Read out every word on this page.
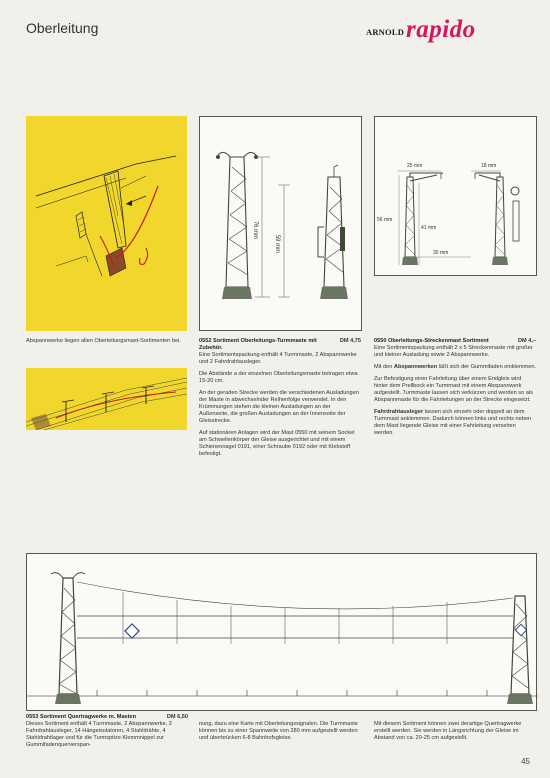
Oberleitung	ARNOLD rapido
Abspannwerke liegen allen Oberleitungsmast-Sortimenten bei.
76 mm
59 mm
25 mm	18 mm
56 mm
41 mm
30 mm

DM 4,75
0552 Sortiment Oberleitungs-Turmmaste mit Zubehör.
Eine Sortimentspackung enthält 4 Turmmaste, 2 Abspannwerke und 2 Fahrdrahtausleger.

Die Abstände a der einzelnen Oberleitungsmaste betragen etwa 15-20 cm.

An der geraden Strecke werden die verschiedenen Ausladungen der Maste in abwechselnder Reihenfolge verwendet. In den Krümmungen stehen die kleinen Ausladungen an der Außenseite, die großen Ausladungen an der Innenseite der Gleisstrecke.

Auf stationären Anlagen wird der Mast 0550 mit seinem Sockel am Schwellenkörper der Gleise ausgerichtet und mit einem Schienennagel 0191, einer Schraube 0192 oder mit Klebstoff befestigt.

DM 4,–
0550 Oberleitungs-Streckenmast Sortiment
Eine Sortimentspackung enthält 2 x 5 Streckenmaste mit großer und kleiner Ausladung sowie 2 Abspannwerke.

Mit den Abspannwerken läßt sich der Gummifaden einklemmen.

Zur Befestigung einer Fahrleitung über einem Endgleis wird hinter dem Prellbock ein Turmmast mit einem Abspannwerk aufgestellt. Turmmaste lassen sich verkürzen und werden so als Abspannmaste für die Fahrleitungen an der Strecke eingesetzt.

Fahrdrahtausleger lassen sich einzeln oder doppelt an dem Turmmast anklemmen. Dadurch können links und rechts neben dem Mast liegende Gleise mit einer Fahrleitung versehen werden.

DM 6,50
0553 Sortiment Quertragwerke m. Masten
Dieses Sortiment enthält 4 Turmmaste, 2 Abspannwerke, 2 Fahrdrahtausleger, 14 Hängeisolatoren, 4 Stahldrähte, 4 Stahldrahtlager und für die Turmspitze Klemmnippel zur Gummifadenquerverspan-
nung, dazu eine Karte mit Oberleitungssignalen. Die Turmmaste können bis zu einer Spannweite von 280 mm aufgestellt werden und überbrücken 6-8 Bahnhofsgleise.
Mit diesem Sortiment können zwei derartige Quertragwerke erstellt werden. Sie werden in Längsrichtung der Gleise im Abstand von ca. 20-25 cm aufgestellt.
45
